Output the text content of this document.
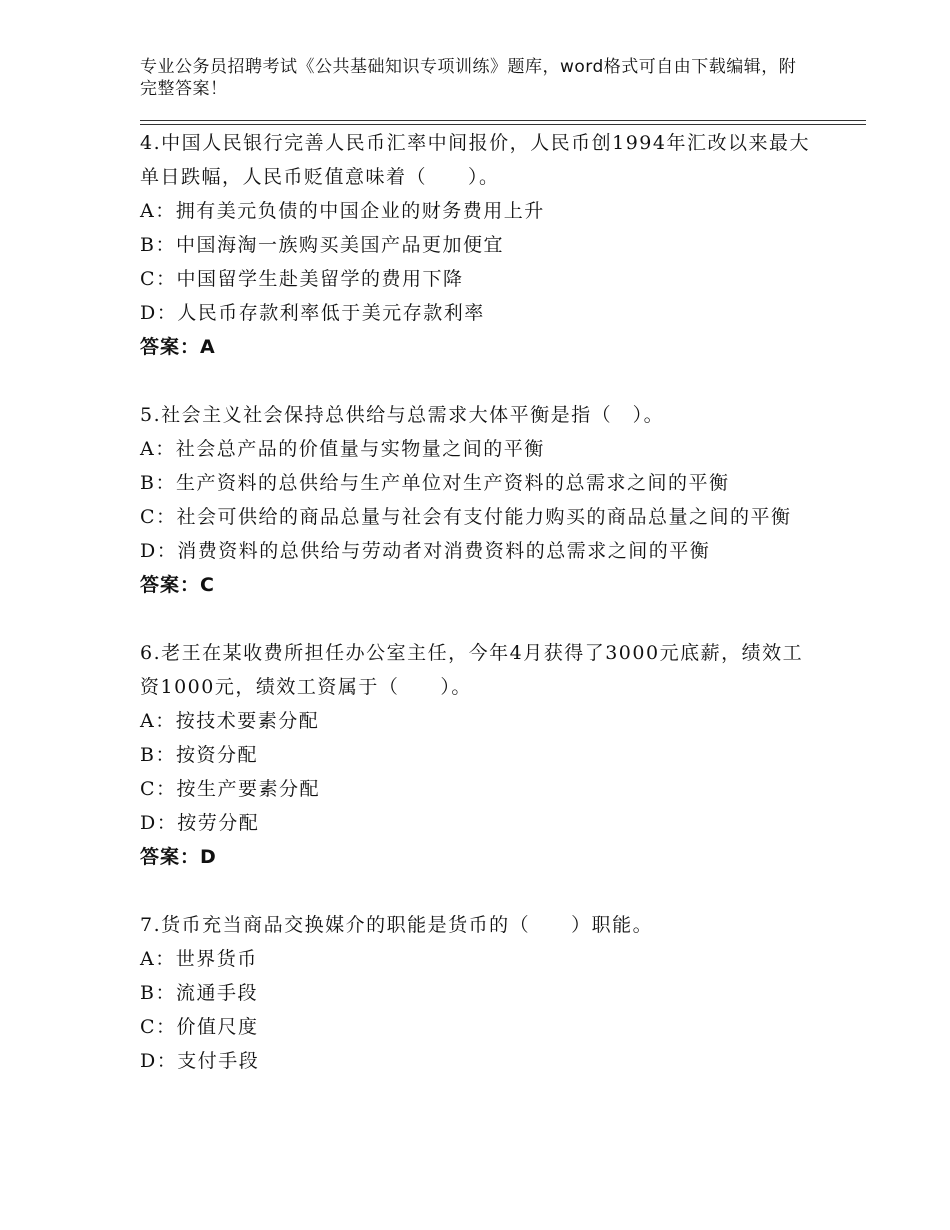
专业公务员招聘考试《公共基础知识专项训练》题库，word格式可自由下载编辑，附完整答案！

4.中国人民银行完善人民币汇率中间报价，人民币创1994年汇改以来最大单日跌幅，人民币贬值意味着（　　）。

A：拥有美元负债的中国企业的财务费用上升

B：中国海淘一族购买美国产品更加便宜

C：中国留学生赴美留学的费用下降

D：人民币存款利率低于美元存款利率

答案：A

5.社会主义社会保持总供给与总需求大体平衡是指（　）。

A：社会总产品的价值量与实物量之间的平衡

B：生产资料的总供给与生产单位对生产资料的总需求之间的平衡

C：社会可供给的商品总量与社会有支付能力购买的商品总量之间的平衡

D：消费资料的总供给与劳动者对消费资料的总需求之间的平衡

答案：C

6.老王在某收费所担任办公室主任，今年4月获得了3000元底薪，绩效工资1000元，绩效工资属于（　　）。

A：按技术要素分配

B：按资分配

C：按生产要素分配

D：按劳分配

答案：D

7.货币充当商品交换媒介的职能是货币的（　　）职能。

A：世界货币

B：流通手段

C：价值尺度

D：支付手段
